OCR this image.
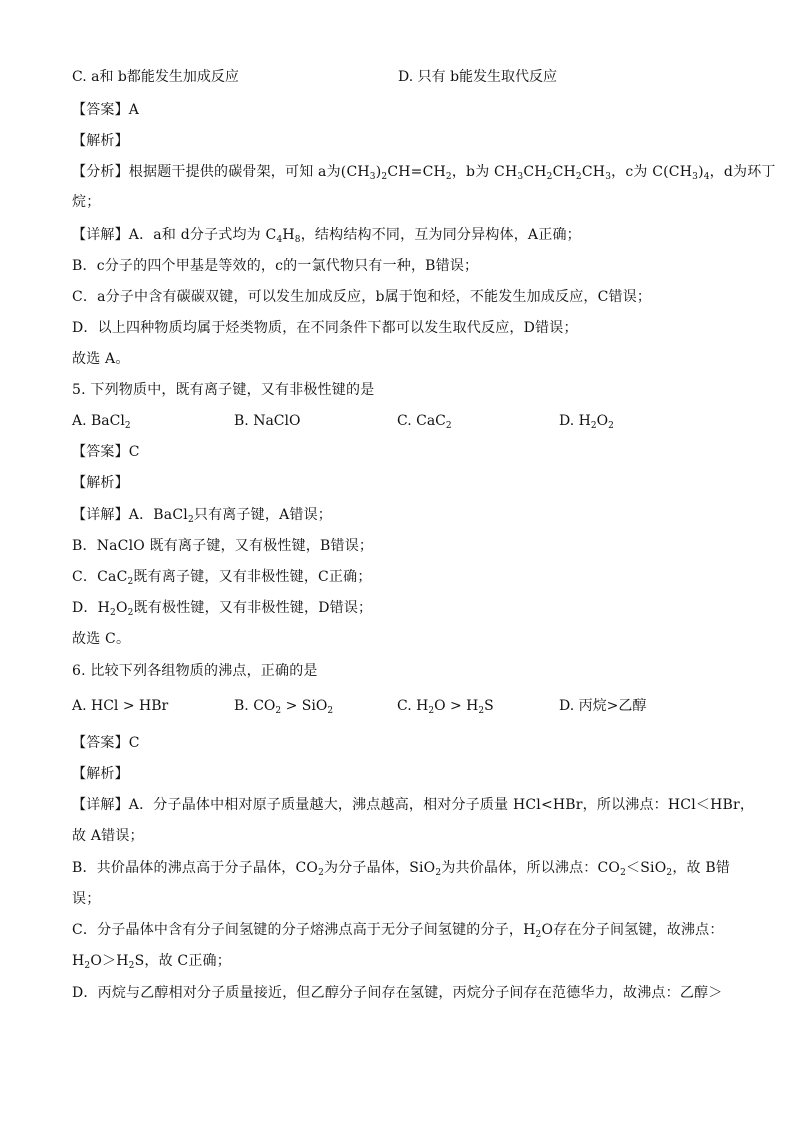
C. a和 b都能发生加成反应	D. 只有 b能发生取代反应
【答案】A
【解析】
【分析】根据题干提供的碳骨架，可知 a为$(CH_3)_2CH=CH_2$，b为 $CH_3CH_2CH_2CH_3$，c为 $C(CH_3)_4$，d为环丁
烷；
【详解】A．a和 d分子式均为 $C_4H_8$，结构结构不同，互为同分异构体，A正确；
B．c分子的四个甲基是等效的，c的一氯代物只有一种，B错误；
C．a分子中含有碳碳双键，可以发生加成反应，b属于饱和烃，不能发生加成反应，C错误；
D．以上四种物质均属于烃类物质，在不同条件下都可以发生取代反应，D错误；
故选 A。
5. 下列物质中，既有离子键，又有非极性键的是
A. BaCl$_2$	B. NaClO	C. CaC$_2$	D. $H_2O_2$
【答案】C
【解析】
【详解】A．BaCl$_2$只有离子键，A错误；
B．NaClO 既有离子键，又有极性键，B错误；
C．CaC$_2$既有离子键，又有非极性键，C正确；
D．$H_2O_2$既有极性键，又有非极性键，D错误；
故选 C。
6. 比较下列各组物质的沸点，正确的是
A. HCl > HBr	B. $CO_2 > SiO_2$	C. $H_2O > H_2S$	D. 丙烷>乙醇
【答案】C
【解析】
【详解】A．分子晶体中相对原子质量越大，沸点越高，相对分子质量 HCl<HBr，所以沸点：HCl＜HBr，
故 A错误；
B．共价晶体的沸点高于分子晶体，$CO_2$为分子晶体，SiO$_2$为共价晶体，所以沸点：$CO_2<SiO_2$，故 B错
误；
C．分子晶体中含有分子间氢键的分子熔沸点高于无分子间氢键的分子，$H_2O$存在分子间氢键，故沸点：
$H_2O>H_2S$，故 C正确；
D．丙烷与乙醇相对分子质量接近，但乙醇分子间存在氢键，丙烷分子间存在范德华力，故沸点：乙醇＞
